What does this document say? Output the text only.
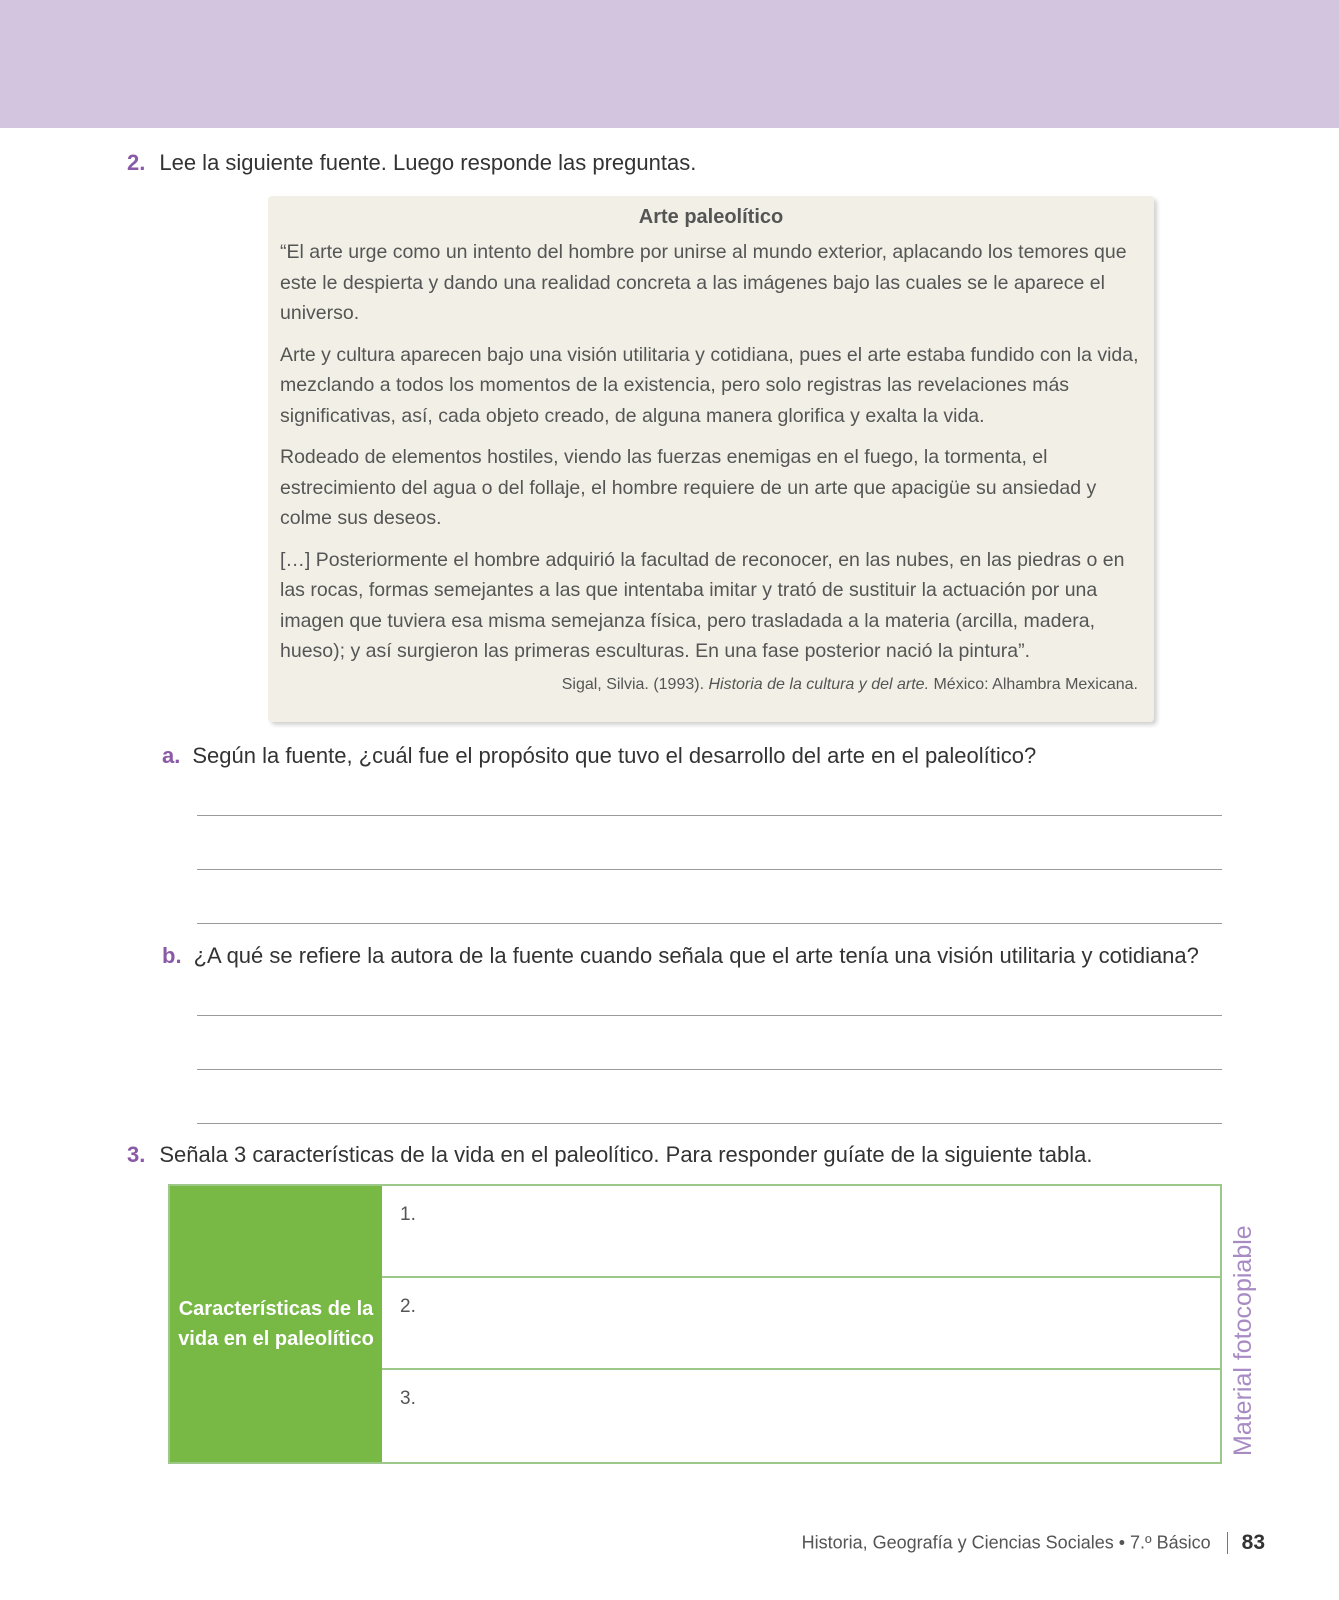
2. Lee la siguiente fuente. Luego responde las preguntas.
Arte paleolítico

“El arte urge como un intento del hombre por unirse al mundo exterior, aplacando los temores que este le despierta y dando una realidad concreta a las imágenes bajo las cuales se le aparece el universo.

Arte y cultura aparecen bajo una visión utilitaria y cotidiana, pues el arte estaba fundido con la vida, mezclando a todos los momentos de la existencia, pero solo registras las revelaciones más significativas, así, cada objeto creado, de alguna manera glorifica y exalta la vida.

Rodeado de elementos hostiles, viendo las fuerzas enemigas en el fuego, la tormenta, el estrecimiento del agua o del follaje, el hombre requiere de un arte que apacigüe su ansiedad y colme sus deseos.

[…] Posteriormente el hombre adquirió la facultad de reconocer, en las nubes, en las piedras o en las rocas, formas semejantes a las que intentaba imitar y trató de sustituir la actuación por una imagen que tuviera esa misma semejanza física, pero trasladada a la materia (arcilla, madera, hueso); y así surgieron las primeras esculturas. En una fase posterior nació la pintura”.

Sigal, Silvia. (1993). Historia de la cultura y del arte. México: Alhambra Mexicana.
a. Según la fuente, ¿cuál fue el propósito que tuvo el desarrollo del arte en el paleolítico?
b. ¿A qué se refiere la autora de la fuente cuando señala que el arte tenía una visión utilitaria y cotidiana?
3. Señala 3 características de la vida en el paleolítico. Para responder guíate de la siguiente tabla.
Características de la vida en el paleolítico
1.
2.
3.	Material fotocopiable
Historia, Geografía y Ciencias Sociales • 7.º Básico 83
